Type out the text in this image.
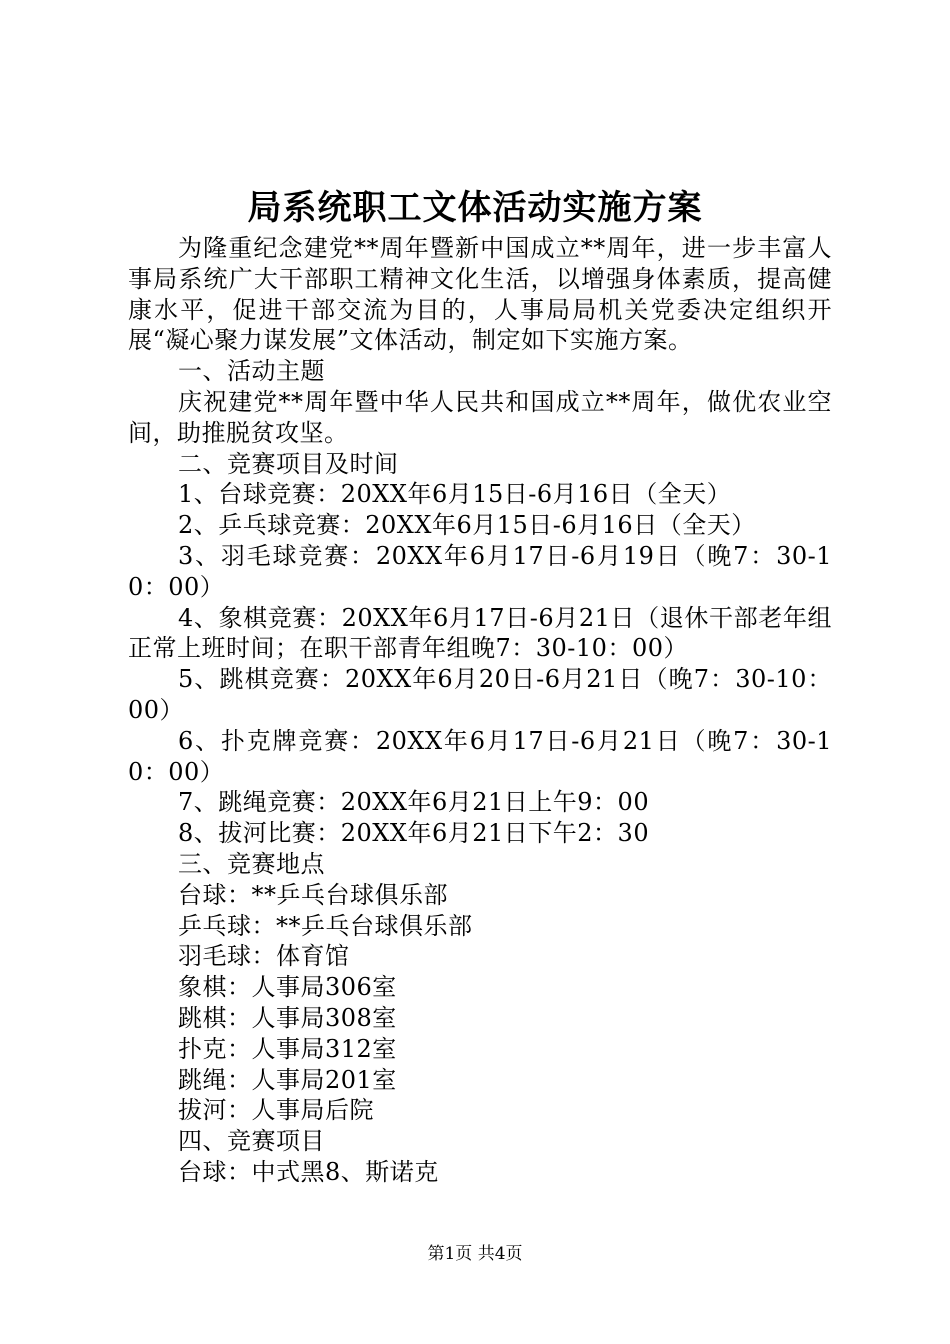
局系统职工文体活动实施方案

为隆重纪念建党**周年暨新中国成立**周年，进一步丰富人事局系统广大干部职工精神文化生活，以增强身体素质，提高健康水平，促进干部交流为目的，人事局局机关党委决定组织开展“凝心聚力谋发展”文体活动，制定如下实施方案。

一、活动主题

庆祝建党**周年暨中华人民共和国成立**周年，做优农业空间，助推脱贫攻坚。

二、竞赛项目及时间

1、台球竞赛：20XX年6月15日-6月16日（全天）

2、乒乓球竞赛：20XX年6月15日-6月16日（全天）

3、羽毛球竞赛：20XX年6月17日-6月19日（晚7：30-10：00）

4、象棋竞赛：20XX年6月17日-6月21日（退休干部老年组正常上班时间；在职干部青年组晚7：30-10：00）

5、跳棋竞赛：20XX年6月20日-6月21日（晚7：30-10：00）

6、扑克牌竞赛：20XX年6月17日-6月21日（晚7：30-10：00）

7、跳绳竞赛：20XX年6月21日上午9：00

8、拔河比赛：20XX年6月21日下午2：30

三、竞赛地点

台球：**乒乓台球俱乐部

乒乓球：**乒乓台球俱乐部

羽毛球：体育馆

象棋：人事局306室

跳棋：人事局308室

扑克：人事局312室

跳绳：人事局201室

拔河：人事局后院

四、竞赛项目

台球：中式黑8、斯诺克

第1页 共4页
